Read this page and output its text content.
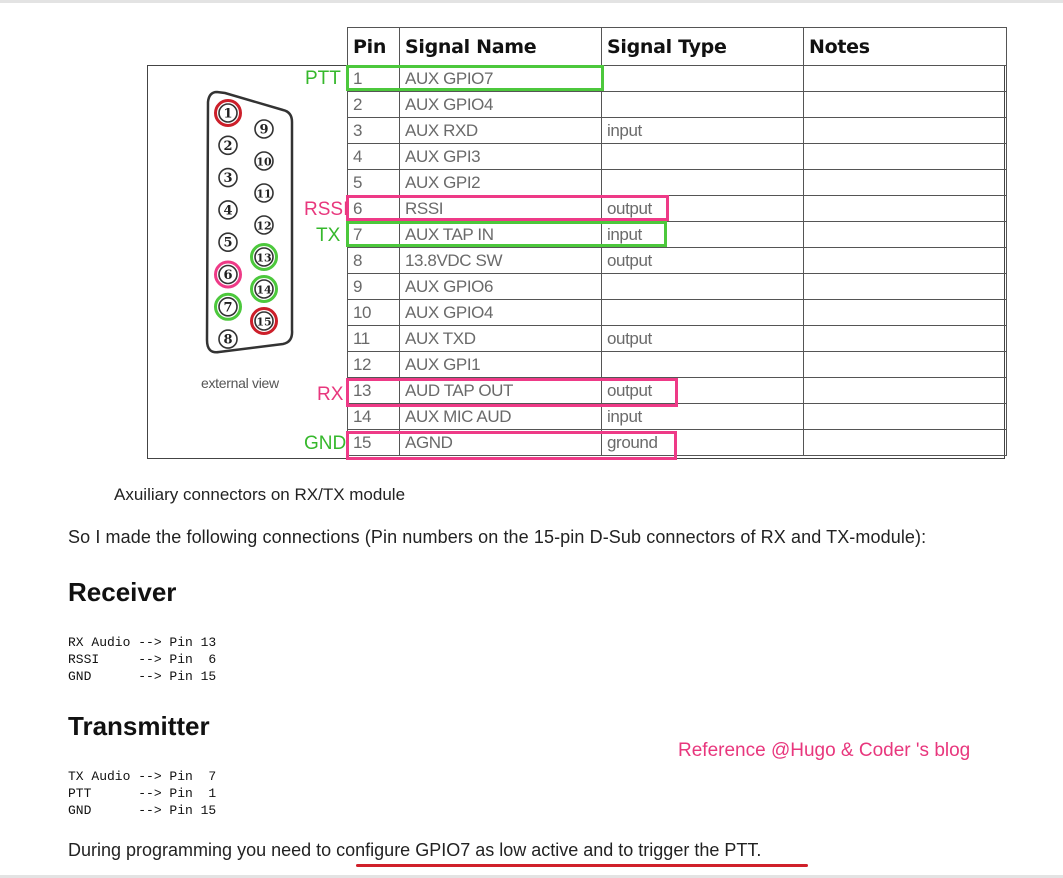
1
2
3
4
5
6
7
8
9
10
11
12
13
14
15
external view
Pin	Signal Name	Signal Type	Notes
1	AUX GPIO7		
2	AUX GPIO4		
3	AUX RXD	input	
4	AUX GPI3		
5	AUX GPI2		
6	RSSI	output	
7	AUX TAP IN	input	
8	13.8VDC SW	output	
9	AUX GPIO6		
10	AUX GPIO4		
11	AUX TXD	output	
12	AUX GPI1		
13	AUD TAP OUT	output	
14	AUX MIC AUD	input	
15	AGND	ground	
PTT
RSSI
TX
RX
GND
Axuiliary connectors on RX/TX module
So I made the following connections (Pin numbers on the 15-pin D-Sub connectors of RX and TX-module):
Receiver
RX Audio --> Pin 13
RSSI     --> Pin  6
GND      --> Pin 15
Transmitter
Reference @Hugo & Coder 's blog
TX Audio --> Pin  7
PTT      --> Pin  1
GND      --> Pin 15
During programming you need to configure GPIO7 as low active and to trigger the PTT.
